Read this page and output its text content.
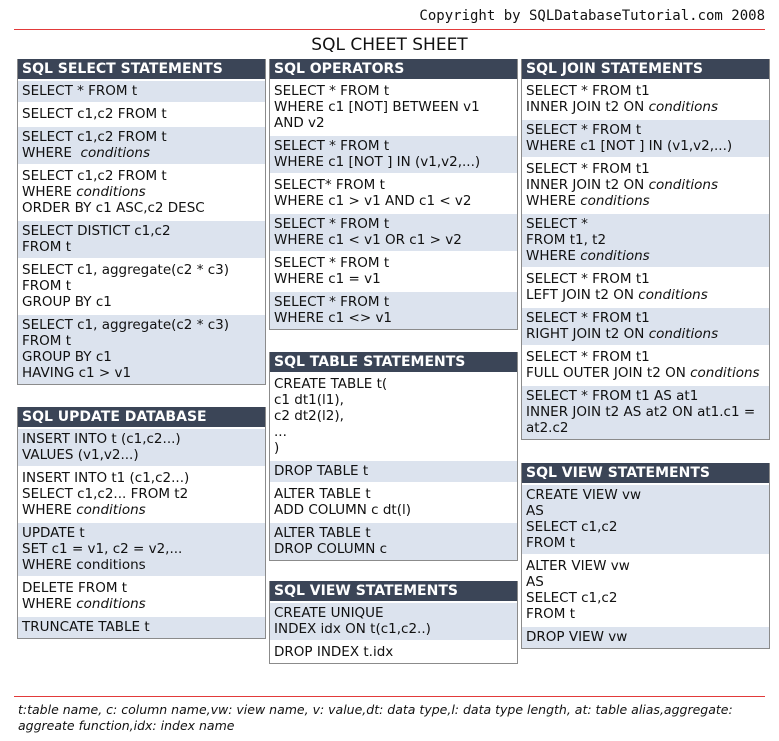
Copyright by SQLDatabaseTutorial.com 2008
SQL CHEET SHEET
SQL SELECT STATEMENTS
SELECT * FROM t
SELECT c1,c2 FROM t
SELECT c1,c2 FROM t
WHERE  conditions
SELECT c1,c2 FROM t
WHERE conditions
ORDER BY c1 ASC,c2 DESC
SELECT DISTICT c1,c2
FROM t
SELECT c1, aggregate(c2 * c3)
FROM t
GROUP BY c1
SELECT c1, aggregate(c2 * c3)
FROM t
GROUP BY c1
HAVING c1 > v1
SQL UPDATE DATABASE
INSERT INTO t (c1,c2...)
VALUES (v1,v2...)
INSERT INTO t1 (c1,c2...)
SELECT c1,c2... FROM t2
WHERE conditions
UPDATE t
SET c1 = v1, c2 = v2,...
WHERE conditions
DELETE FROM t
WHERE conditions
TRUNCATE TABLE t
SQL OPERATORS
SELECT * FROM t
WHERE c1 [NOT] BETWEEN v1
AND v2
SELECT * FROM t
WHERE c1 [NOT ] IN (v1,v2,...)
SELECT* FROM t
WHERE c1 > v1 AND c1 < v2
SELECT * FROM t
WHERE c1 < v1 OR c1 > v2
SELECT * FROM t
WHERE c1 = v1
SELECT * FROM t
WHERE c1 <> v1
SQL TABLE STATEMENTS
CREATE TABLE t(
c1 dt1(l1),
c2 dt2(l2),
...
)
DROP TABLE t
ALTER TABLE t
ADD COLUMN c dt(l)
ALTER TABLE t
DROP COLUMN c
SQL VIEW STATEMENTS
CREATE UNIQUE
INDEX idx ON t(c1,c2..)
DROP INDEX t.idx
SQL JOIN STATEMENTS
SELECT * FROM t1
INNER JOIN t2 ON conditions
SELECT * FROM t
WHERE c1 [NOT ] IN (v1,v2,...)
SELECT * FROM t1
INNER JOIN t2 ON conditions
WHERE conditions
SELECT *
FROM t1, t2
WHERE conditions
SELECT * FROM t1
LEFT JOIN t2 ON conditions
SELECT * FROM t1
RIGHT JOIN t2 ON conditions
SELECT * FROM t1
FULL OUTER JOIN t2 ON conditions
SELECT * FROM t1 AS at1
INNER JOIN t2 AS at2 ON at1.c1 =
at2.c2
SQL VIEW STATEMENTS
CREATE VIEW vw
AS
SELECT c1,c2
FROM t
ALTER VIEW vw
AS
SELECT c1,c2
FROM t
DROP VIEW vw
t:table name, c: column name,vw: view name, v: value,dt: data type,l: data type length, at: table alias,aggregate: aggreate function,idx: index name
